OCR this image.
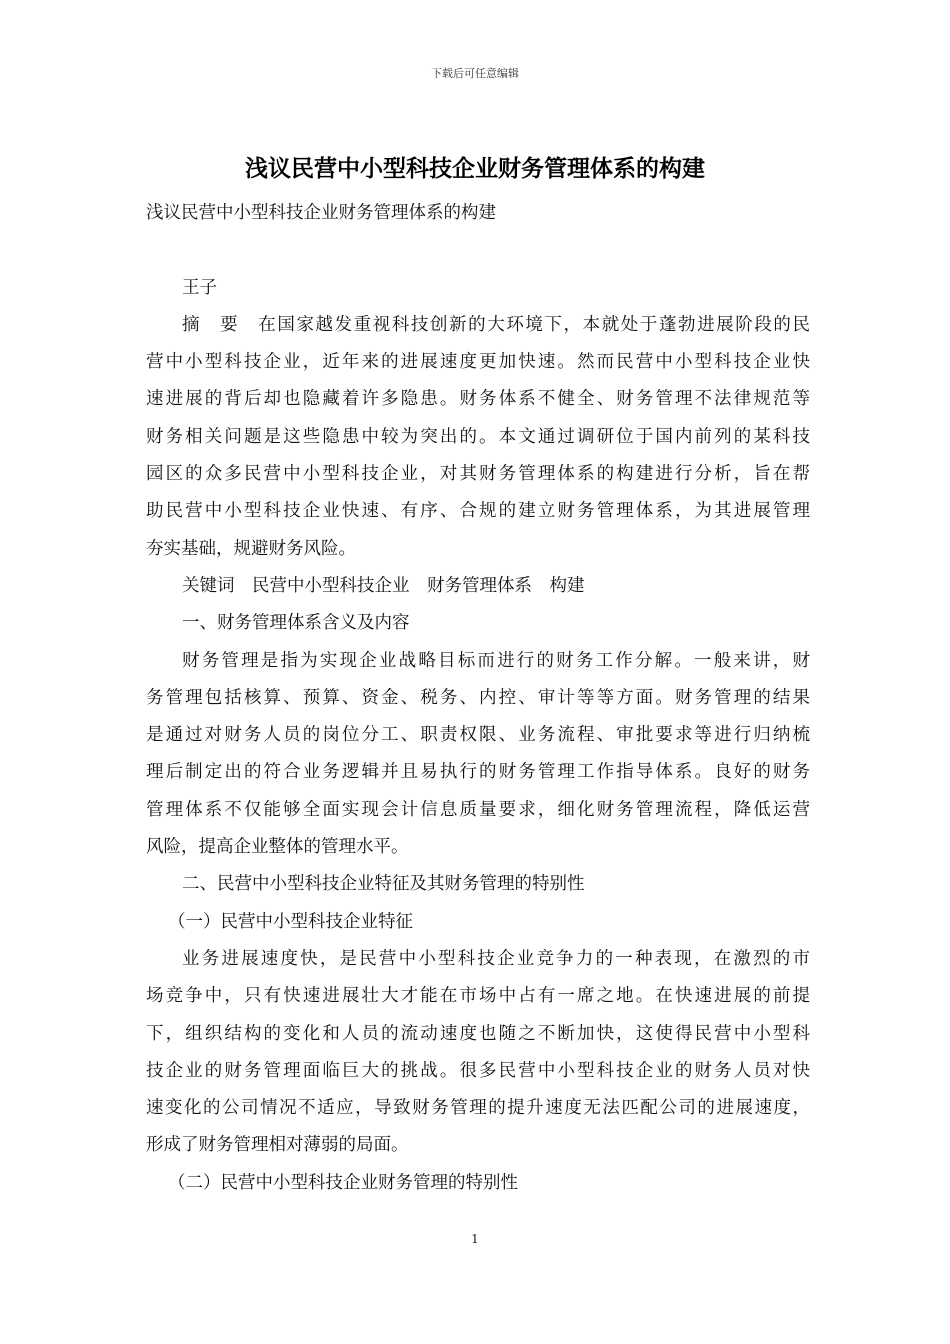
下载后可任意编辑
浅议民营中小型科技企业财务管理体系的构建

浅议民营中小型科技企业财务管理体系的构建

王子

摘　要　在国家越发重视科技创新的大环境下，本就处于蓬勃进展阶段的民

营中小型科技企业，近年来的进展速度更加快速。然而民营中小型科技企业快

速进展的背后却也隐藏着许多隐患。财务体系不健全、财务管理不法律规范等

财务相关问题是这些隐患中较为突出的。本文通过调研位于国内前列的某科技

园区的众多民营中小型科技企业，对其财务管理体系的构建进行分析，旨在帮

助民营中小型科技企业快速、有序、合规的建立财务管理体系，为其进展管理

夯实基础，规避财务风险。

关键词　民营中小型科技企业　财务管理体系　构建

一、财务管理体系含义及内容

财务管理是指为实现企业战略目标而进行的财务工作分解。一般来讲，财

务管理包括核算、预算、资金、税务、内控、审计等等方面。财务管理的结果

是通过对财务人员的岗位分工、职责权限、业务流程、审批要求等进行归纳梳

理后制定出的符合业务逻辑并且易执行的财务管理工作指导体系。良好的财务

管理体系不仅能够全面实现会计信息质量要求，细化财务管理流程，降低运营

风险，提高企业整体的管理水平。

二、民营中小型科技企业特征及其财务管理的特别性

（一）民营中小型科技企业特征

业务进展速度快，是民营中小型科技企业竞争力的一种表现，在激烈的市

场竞争中，只有快速进展壮大才能在市场中占有一席之地。在快速进展的前提

下，组织结构的变化和人员的流动速度也随之不断加快，这使得民营中小型科

技企业的财务管理面临巨大的挑战。很多民营中小型科技企业的财务人员对快

速变化的公司情况不适应，导致财务管理的提升速度无法匹配公司的进展速度，

形成了财务管理相对薄弱的局面。

（二）民营中小型科技企业财务管理的特别性

1
